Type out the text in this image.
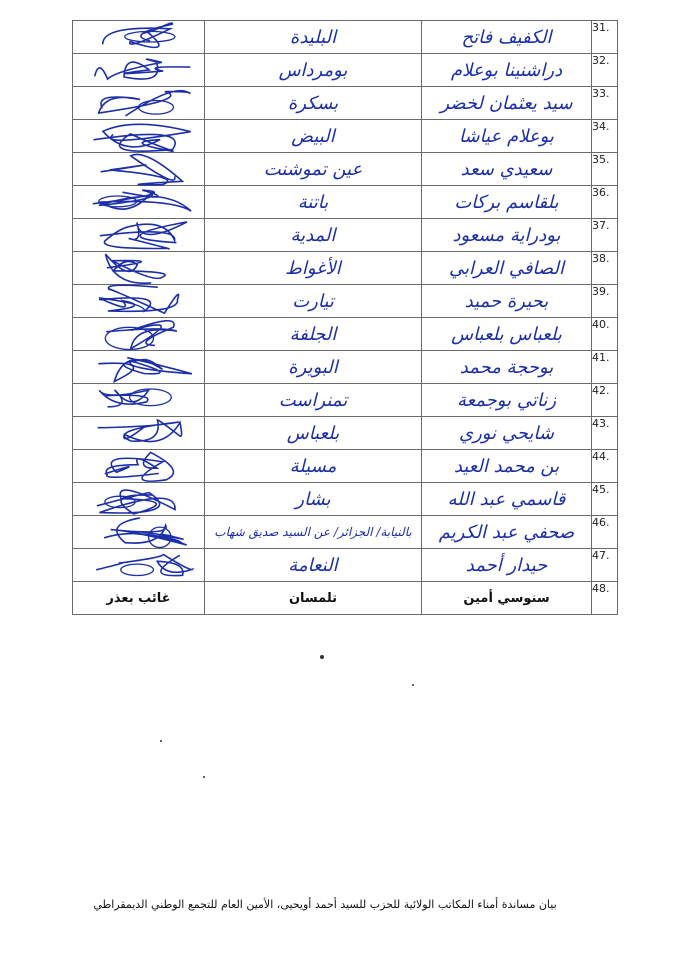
	البليدة	الكفيف فاتح	31.

	بومرداس	دراشنينا بوعلام	32.

	بسكرة	سيد يعثمان لخضر	33.

	البيض	بوعلام عياشا	34.

	عين تموشنت	سعيدي سعد	35.

	باتنة	بلقاسم بركات	36.

	المدية	بودراية مسعود	37.

	الأغواط	الصافي العرابي	38.

	تيارت	بحيرة حميد	39.

	الجلفة	بلعباس بلعباس	40.

	البويرة	بوحجة محمد	41.

	تمنراست	زناتي بوجمعة	42.

	بلعباس	شايحي نوري	43.

	مسيلة	بن محمد العيد	44.

	بشار	قاسمي عبد الله	45.

	بالنيابة/ الجزائر/ عن السيد صديق شهاب	صحفي عبد الكريم	46.

	النعامة	حيدار أحمد	47.
غائب بعذر	تلمسان	سنوسي أمين	48.
بيان مساندة أمناء المكاتب الولائية للحزب للسيد أحمد أويحيى، الأمين العام للتجمع الوطني الديمقراطي
